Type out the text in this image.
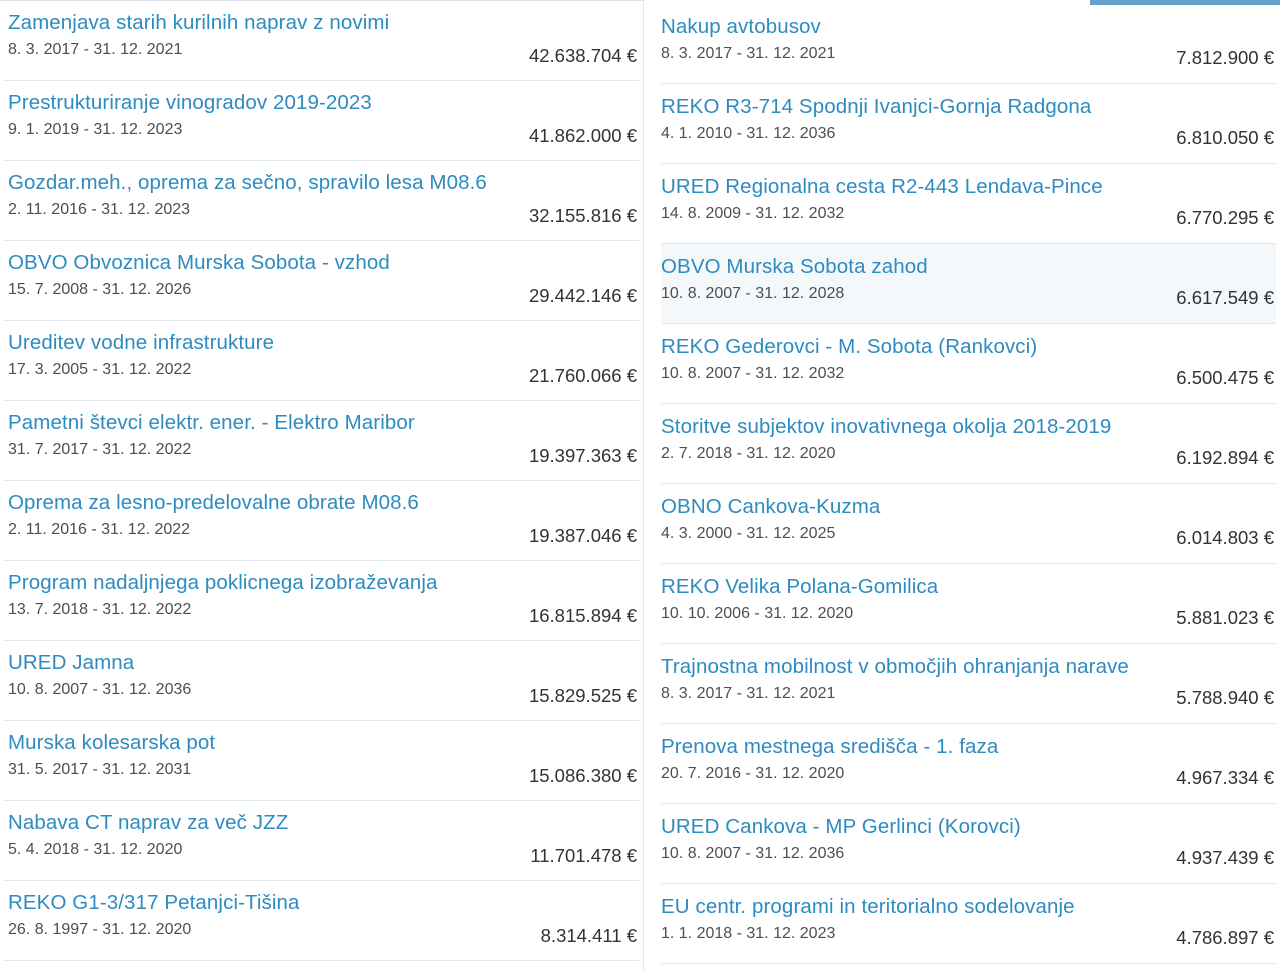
Zamenjava starih kurilnih naprav z novimi
8. 3. 2017 - 31. 12. 2021	42.638.704 €
Prestrukturiranje vinogradov 2019-2023
9. 1. 2019 - 31. 12. 2023	41.862.000 €
Gozdar.meh., oprema za sečno, spravilo lesa M08.6
2. 11. 2016 - 31. 12. 2023	32.155.816 €
OBVO Obvoznica Murska Sobota - vzhod
15. 7. 2008 - 31. 12. 2026	29.442.146 €
Ureditev vodne infrastrukture
17. 3. 2005 - 31. 12. 2022	21.760.066 €
Pametni števci elektr. ener. - Elektro Maribor
31. 7. 2017 - 31. 12. 2022	19.397.363 €
Oprema za lesno-predelovalne obrate M08.6
2. 11. 2016 - 31. 12. 2022	19.387.046 €
Program nadaljnjega poklicnega izobraževanja
13. 7. 2018 - 31. 12. 2022	16.815.894 €
URED Jamna
10. 8. 2007 - 31. 12. 2036	15.829.525 €
Murska kolesarska pot
31. 5. 2017 - 31. 12. 2031	15.086.380 €
Nabava CT naprav za več JZZ
5. 4. 2018 - 31. 12. 2020	11.701.478 €
REKO G1-3/317 Petanjci-Tišina
26. 8. 1997 - 31. 12. 2020	8.314.411 €
Nakup avtobusov
8. 3. 2017 - 31. 12. 2021	7.812.900 €
REKO R3-714 Spodnji Ivanjci-Gornja Radgona
4. 1. 2010 - 31. 12. 2036	6.810.050 €
URED Regionalna cesta R2-443 Lendava-Pince
14. 8. 2009 - 31. 12. 2032	6.770.295 €
OBVO Murska Sobota zahod
10. 8. 2007 - 31. 12. 2028	6.617.549 €
REKO Gederovci - M. Sobota (Rankovci)
10. 8. 2007 - 31. 12. 2032	6.500.475 €
Storitve subjektov inovativnega okolja 2018-2019
2. 7. 2018 - 31. 12. 2020	6.192.894 €
OBNO Cankova-Kuzma
4. 3. 2000 - 31. 12. 2025	6.014.803 €
REKO Velika Polana-Gomilica
10. 10. 2006 - 31. 12. 2020	5.881.023 €
Trajnostna mobilnost v območjih ohranjanja narave
8. 3. 2017 - 31. 12. 2021	5.788.940 €
Prenova mestnega središča - 1. faza
20. 7. 2016 - 31. 12. 2020	4.967.334 €
URED Cankova - MP Gerlinci (Korovci)
10. 8. 2007 - 31. 12. 2036	4.937.439 €
EU centr. programi in teritorialno sodelovanje
1. 1. 2018 - 31. 12. 2023	4.786.897 €
